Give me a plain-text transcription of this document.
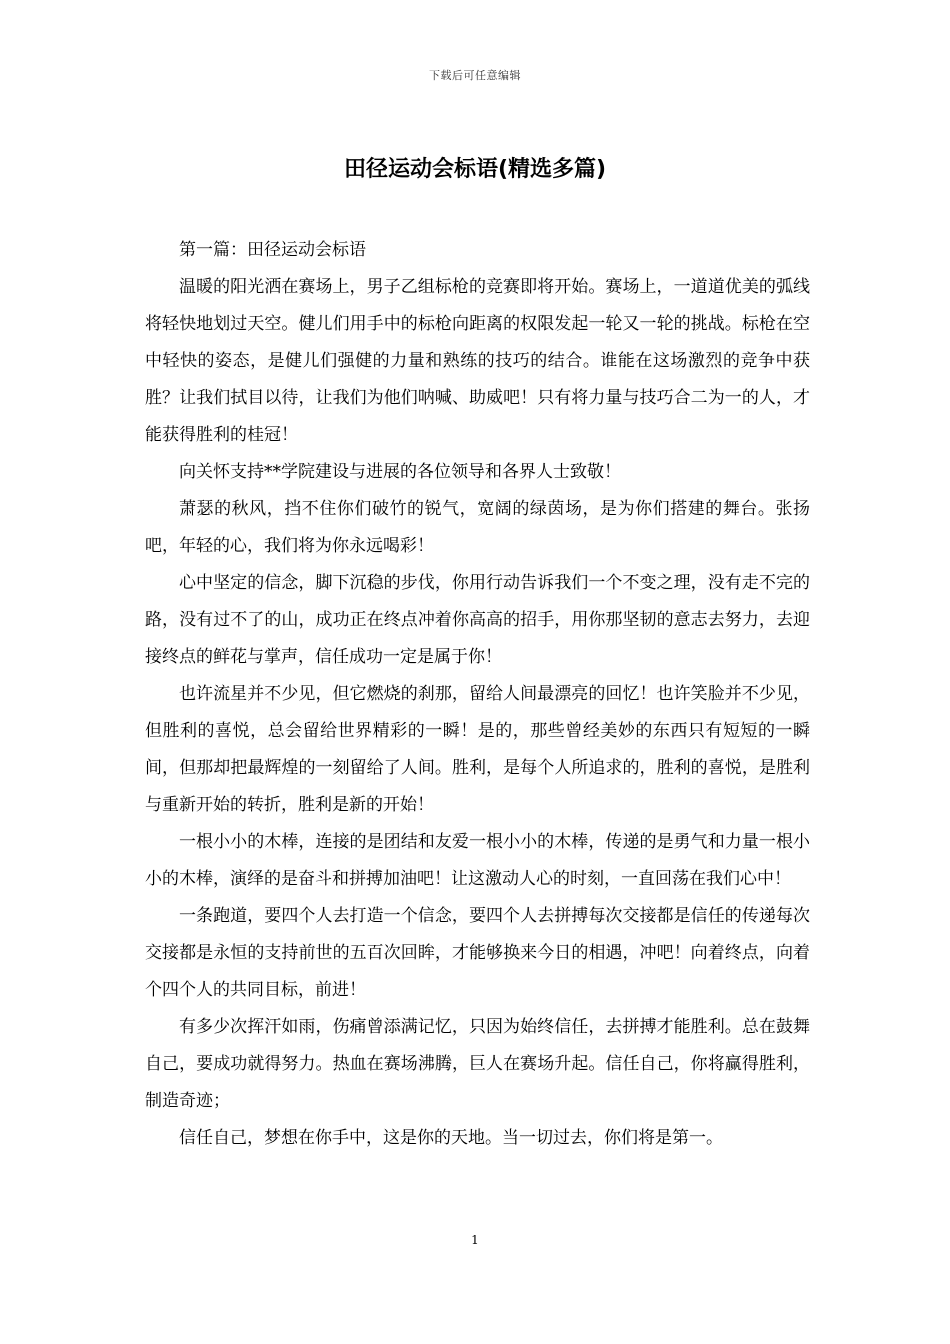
下载后可任意编辑
田径运动会标语(精选多篇)

第一篇：田径运动会标语

温暖的阳光洒在赛场上，男子乙组标枪的竞赛即将开始。赛场上，一道道优美的弧线将轻快地划过天空。健儿们用手中的标枪向距离的权限发起一轮又一轮的挑战。标枪在空中轻快的姿态，是健儿们强健的力量和熟练的技巧的结合。谁能在这场激烈的竞争中获胜？让我们拭目以待，让我们为他们呐喊、助威吧！只有将力量与技巧合二为一的人，才能获得胜利的桂冠！

向关怀支持**学院建设与进展的各位领导和各界人士致敬！

萧瑟的秋风，挡不住你们破竹的锐气，宽阔的绿茵场，是为你们搭建的舞台。张扬吧，年轻的心，我们将为你永远喝彩！

心中坚定的信念，脚下沉稳的步伐，你用行动告诉我们一个不变之理，没有走不完的路，没有过不了的山，成功正在终点冲着你高高的招手，用你那坚韧的意志去努力，去迎接终点的鲜花与掌声，信任成功一定是属于你！

也许流星并不少见，但它燃烧的刹那，留给人间最漂亮的回忆！也许笑脸并不少见，但胜利的喜悦，总会留给世界精彩的一瞬！是的，那些曾经美妙的东西只有短短的一瞬间，但那却把最辉煌的一刻留给了人间。胜利，是每个人所追求的，胜利的喜悦，是胜利与重新开始的转折，胜利是新的开始！

一根小小的木棒，连接的是团结和友爱一根小小的木棒，传递的是勇气和力量一根小小的木棒，演绎的是奋斗和拼搏加油吧！让这激动人心的时刻，一直回荡在我们心中！

一条跑道，要四个人去打造一个信念，要四个人去拼搏每次交接都是信任的传递每次交接都是永恒的支持前世的五百次回眸，才能够换来今日的相遇，冲吧！向着终点，向着个四个人的共同目标，前进！

有多少次挥汗如雨，伤痛曾添满记忆，只因为始终信任，去拼搏才能胜利。总在鼓舞自己，要成功就得努力。热血在赛场沸腾，巨人在赛场升起。信任自己，你将赢得胜利，制造奇迹；

信任自己，梦想在你手中，这是你的天地。当一切过去，你们将是第一。

1
